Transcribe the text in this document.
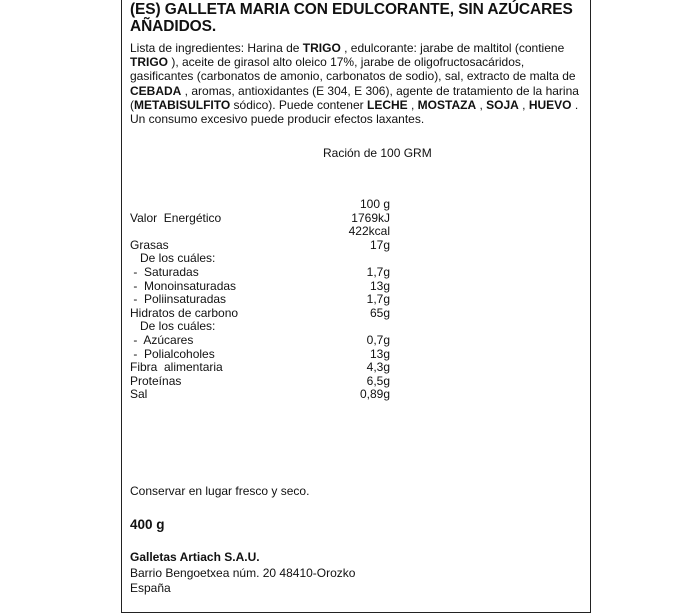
(ES) GALLETA MARIA CON EDULCORANTE, SIN AZÚCARES AÑADIDOS.
Lista de ingredientes: Harina de TRIGO , edulcorante: jarabe de maltitol (contiene TRIGO ), aceite de girasol alto oleico 17%, jarabe de oligofructosacáridos, gasificantes (carbonatos de amonio, carbonatos de sodio), sal, extracto de malta de CEBADA , aromas, antioxidantes (E 304, E 306), agente de tratamiento de la harina (METABISULFITO sódico). Puede contener LECHE , MOSTAZA , SOJA , HUEVO . Un consumo excesivo puede producir efectos laxantes.
Ración de 100 GRM
100 g
Valor  Energético	1769kJ
422kcal
Grasas	17g
De los cuáles:
-  Saturadas	1,7g
-  Monoinsaturadas	13g
-  Poliinsaturadas	1,7g
Hidratos de carbono	65g
De los cuáles:
-  Azúcares	0,7g
-  Polialcoholes	13g
Fibra  alimentaria	4,3g
Proteínas	6,5g
Sal	0,89g
Conservar en lugar fresco y seco.
400 g
Galletas Artiach S.A.U.
Barrio Bengoetxea núm. 20 48410-Orozko
España
